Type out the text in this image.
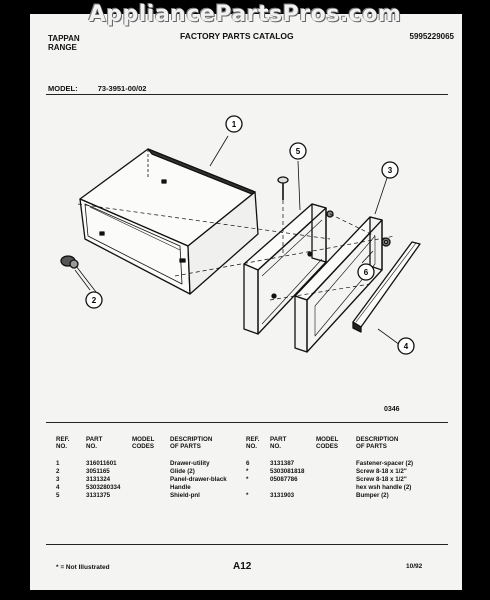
AppliancePartsPros.com
TAPPAN
RANGE
FACTORY PARTS CATALOG	5995229065
MODEL:	73-3951-00/02
1
2
3
4
5
6
0346
REF.
NO.
PART
NO.
MODEL
CODES
DESCRIPTION
OF PARTS
1	316011601	Drawer-utility
2	3051165	Glide (2)
3	3131324	Panel-drawer-black
4	5303280334	Handle
5	3131375	Shield-pnl
REF.
NO.
PART
NO.
MODEL
CODES
DESCRIPTION
OF PARTS
6	3131387	Fastener-spacer (2)
*	5303081818	Screw 8-18 x 1/2"
*	05087786	Screw 8-18 x 1/2"
hex wsh handle (2)
*	3131903	Bumper (2)
* = Not Illustrated	A12	10/92
